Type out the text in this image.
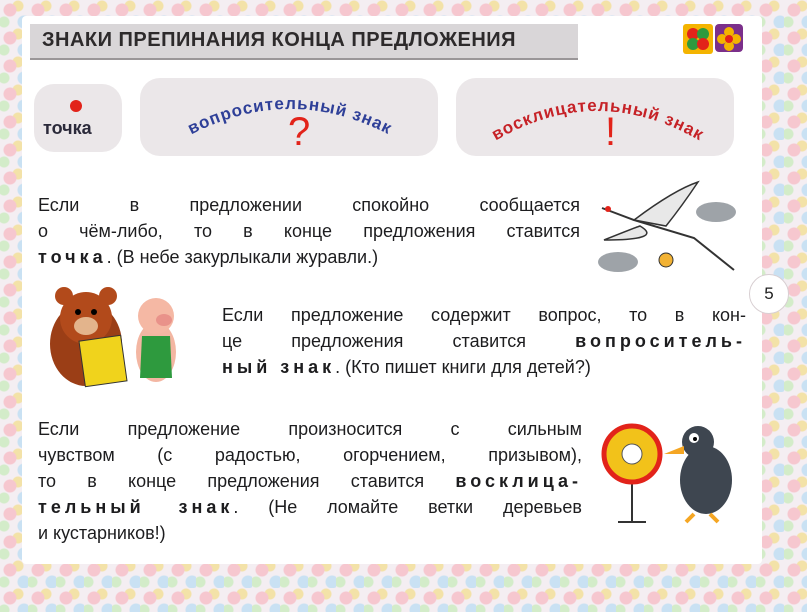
ЗНАКИ ПРЕПИНАНИЯ КОНЦА ПРЕДЛОЖЕНИЯ
точка	вопросительный знак
?	восклицательный знак
!
Если в предложении спокойно сообщается
о чём-либо, то в конце предложения ставится
точка. (В небе закурлыкали журавли.)
Если предложение содержит вопрос, то в кон-
це предложения ставится	вопроситель-
ный знак. (Кто пишет книги для детей?)
Если предложение произносится с сильным
чувством (с радостью, огорчением, призывом),
то в конце предложения ставится восклица-
тельный знак. (Не ломайте ветки деревьев
и кустарников!)
5
